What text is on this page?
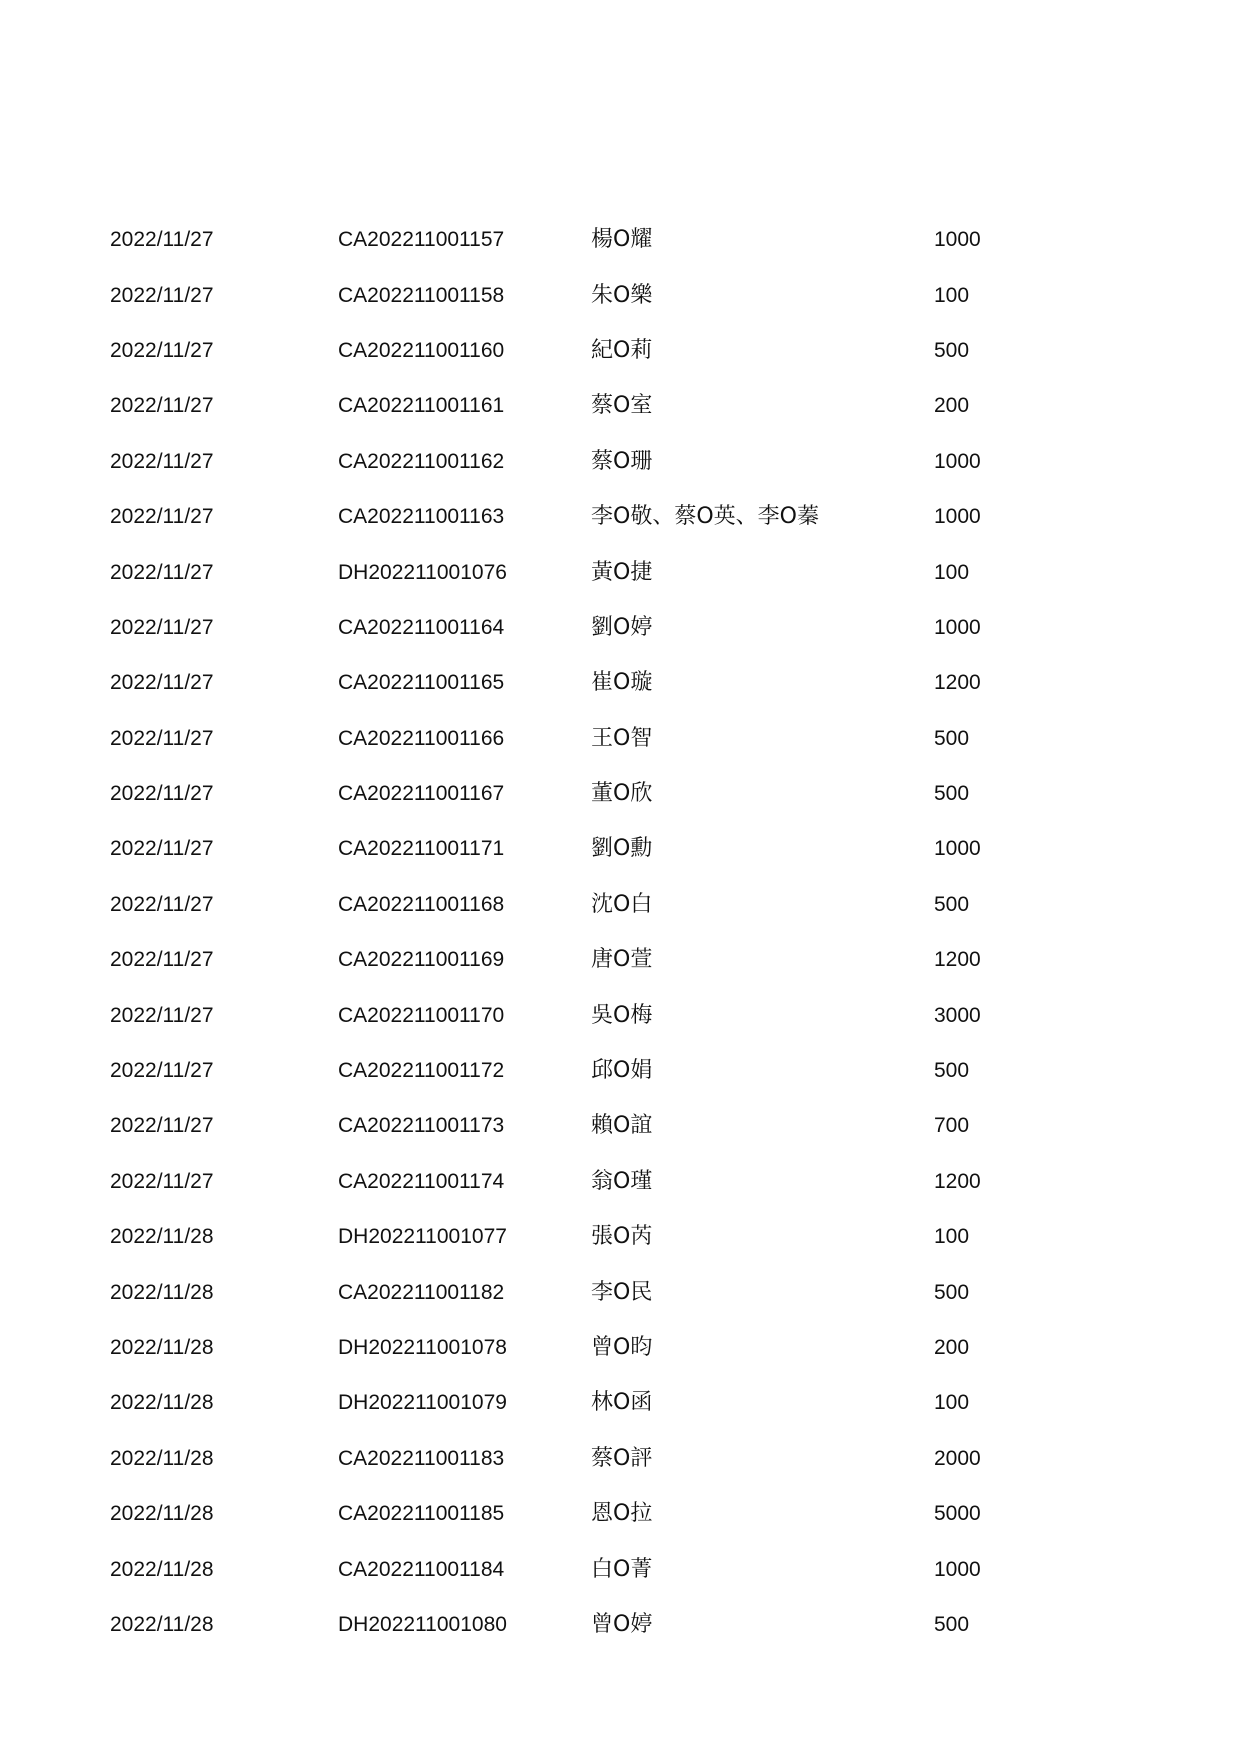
2022/11/27	CA202211001157	楊O耀	1000
2022/11/27	CA202211001158	朱O樂	100
2022/11/27	CA202211001160	紀O莉	500
2022/11/27	CA202211001161	蔡O室	200
2022/11/27	CA202211001162	蔡O珊	1000
2022/11/27	CA202211001163	李O敬、蔡O英、李O蓁	1000
2022/11/27	DH202211001076	黃O捷	100
2022/11/27	CA202211001164	劉O婷	1000
2022/11/27	CA202211001165	崔O璇	1200
2022/11/27	CA202211001166	王O智	500
2022/11/27	CA202211001167	董O欣	500
2022/11/27	CA202211001171	劉O勳	1000
2022/11/27	CA202211001168	沈O白	500
2022/11/27	CA202211001169	唐O萱	1200
2022/11/27	CA202211001170	吳O梅	3000
2022/11/27	CA202211001172	邱O娟	500
2022/11/27	CA202211001173	賴O誼	700
2022/11/27	CA202211001174	翁O瑾	1200
2022/11/28	DH202211001077	張O芮	100
2022/11/28	CA202211001182	李O民	500
2022/11/28	DH202211001078	曾O昀	200
2022/11/28	DH202211001079	林O函	100
2022/11/28	CA202211001183	蔡O評	2000
2022/11/28	CA202211001185	恩O拉	5000
2022/11/28	CA202211001184	白O菁	1000
2022/11/28	DH202211001080	曾O婷	500
